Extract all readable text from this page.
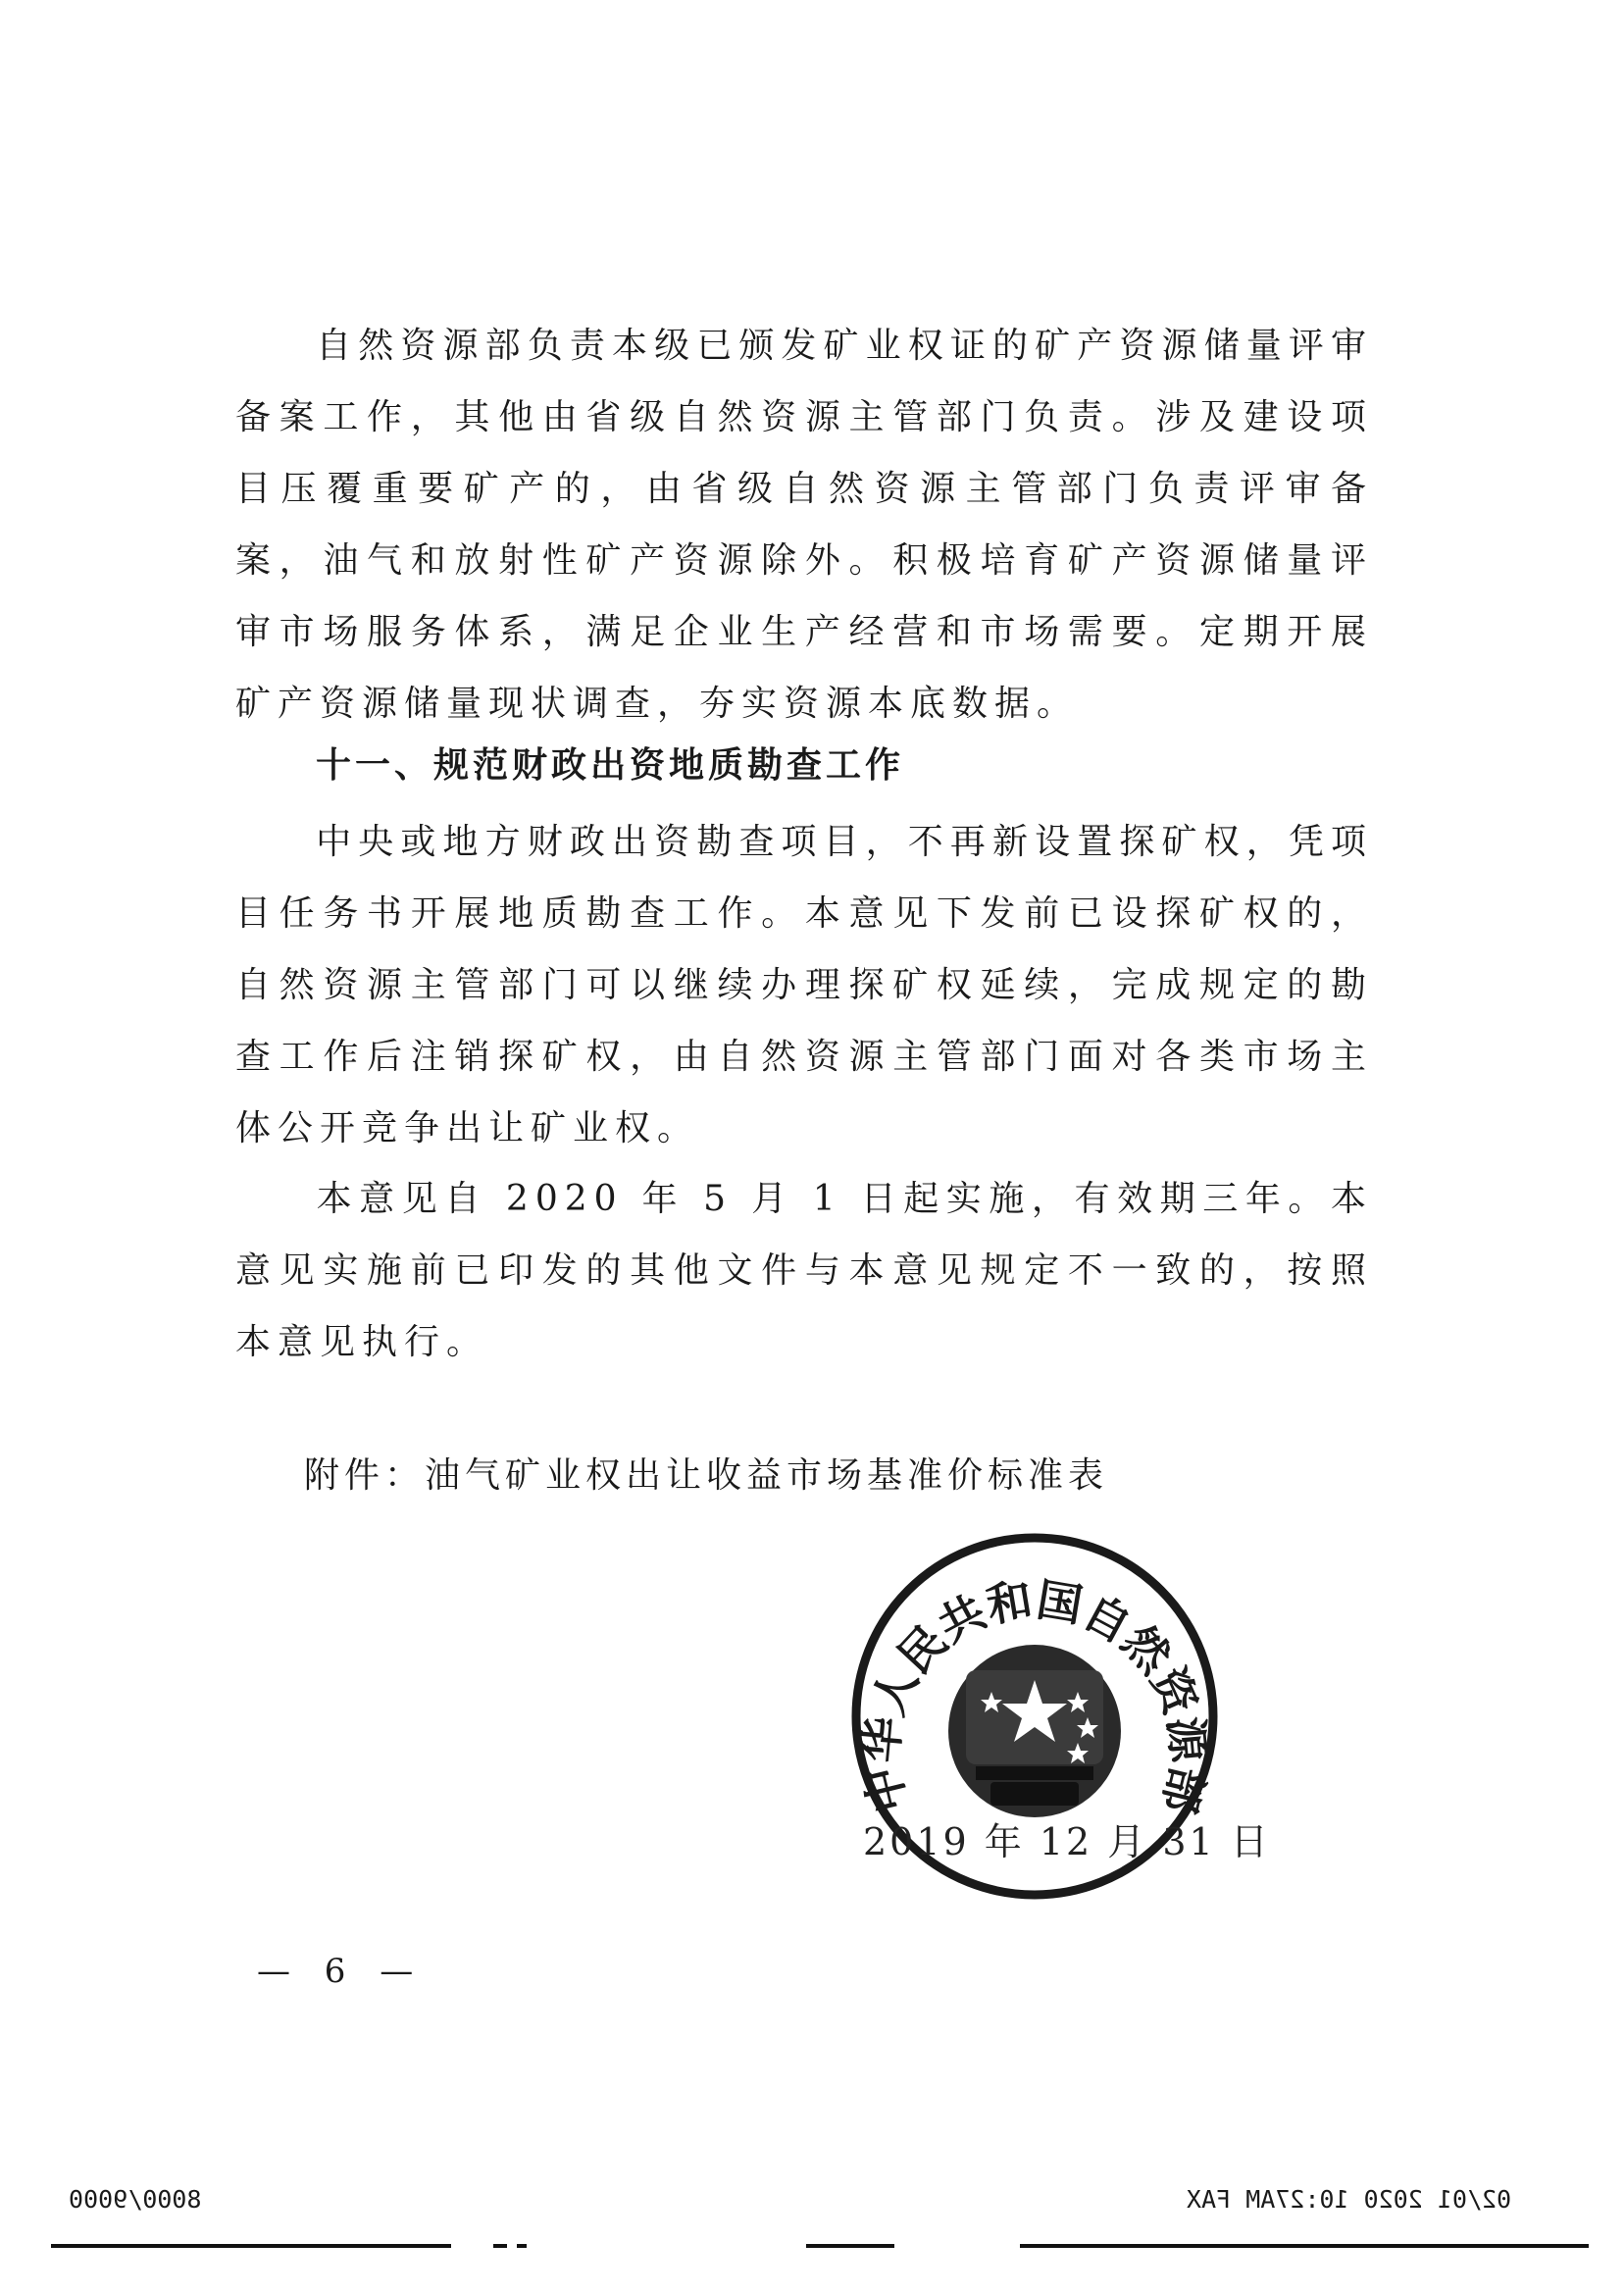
自然资源部负责本级已颁发矿业权证的矿产资源储量评审备案工作，其他由省级自然资源主管部门负责。涉及建设项目压覆重要矿产的，由省级自然资源主管部门负责评审备案，油气和放射性矿产资源除外。积极培育矿产资源储量评审市场服务体系，满足企业生产经营和市场需要。定期开展矿产资源储量现状调查，夯实资源本底数据。

十一、规范财政出资地质勘查工作

中央或地方财政出资勘查项目，不再新设置探矿权，凭项目任务书开展地质勘查工作。本意见下发前已设探矿权的，自然资源主管部门可以继续办理探矿权延续，完成规定的勘查工作后注销探矿权，由自然资源主管部门面对各类市场主体公开竞争出让矿业权。

本意见自 2020 年 5 月 1 日起实施，有效期三年。本意见实施前已印发的其他文件与本意见规定不一致的，按照本意见执行。

附件：油气矿业权出让收益市场基准价标准表
中华人民共和国自然资源部
2019 年 12 月 31 日
— 6 —
8000/9000	02/01 2020 10:27AM FAX
